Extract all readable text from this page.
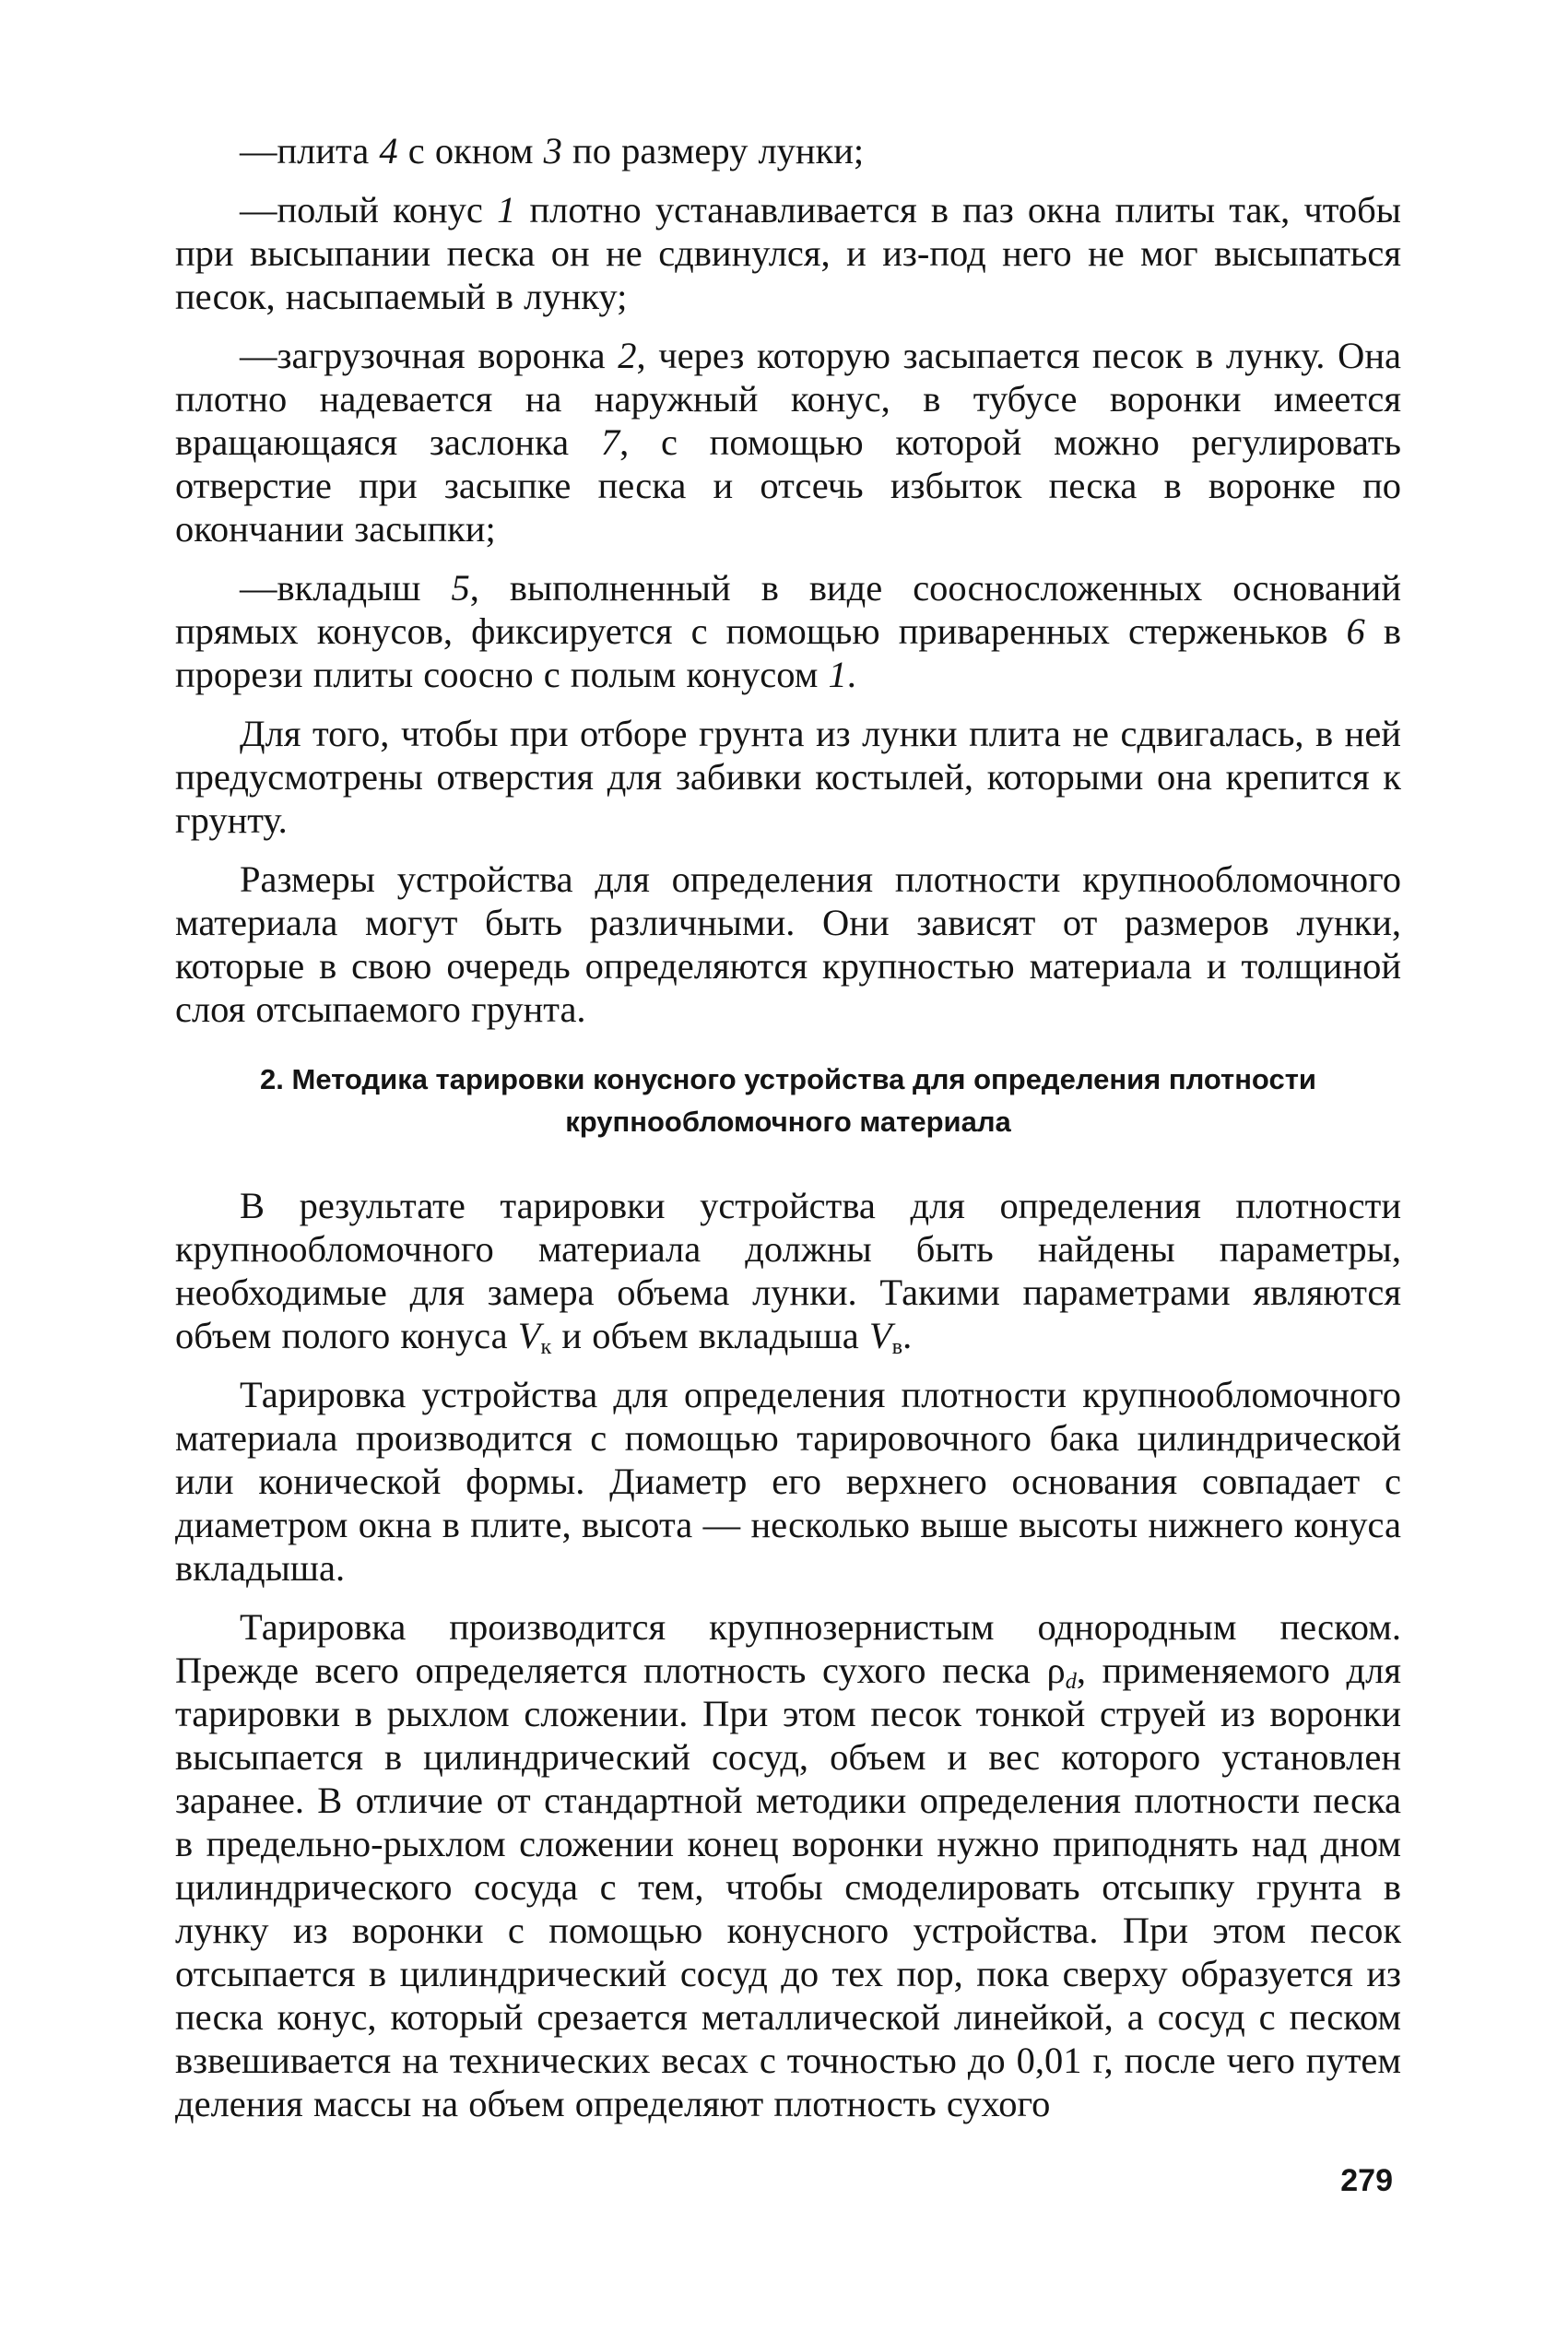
—плита 4 с окном 3 по размеру лунки;

—полый конус 1 плотно устанавливается в паз окна плиты так, чтобы при высыпании песка он не сдвинулся, и из-под него не мог высыпаться песок, насыпаемый в лунку;

—загрузочная воронка 2, через которую засыпается песок в лунку. Она плотно надевается на наружный конус, в тубусе воронки имеется вращающаяся заслонка 7, с помощью которой можно регулировать отверстие при засыпке песка и отсечь избыток песка в воронке по окончании засыпки;

—вкладыш 5, выполненный в виде соосносложенных оснований прямых конусов, фиксируется с помощью приваренных стерженьков 6 в прорези плиты соосно с полым конусом 1.

Для того, чтобы при отборе грунта из лунки плита не сдвигалась, в ней предусмотрены отверстия для забивки костылей, которыми она крепится к грунту.

Размеры устройства для определения плотности крупнообломочного материала могут быть различными. Они зависят от размеров лунки, которые в свою очередь определяются крупностью материала и толщиной слоя отсыпаемого грунта.

2. Методика тарировки конусного устройства для определения плотности
крупнообломочного материала

В результате тарировки устройства для определения плотности крупнообломочного материала должны быть найдены параметры, необходимые для замера объема лунки. Такими параметрами являются объем полого конуса $V_к$ и объем вкладыша $V_в$.

Тарировка устройства для определения плотности крупнообломочного материала производится с помощью тарировочного бака цилиндрической или конической формы. Диаметр его верхнего основания совпадает с диаметром окна в плите, высота — несколько выше высоты нижнего конуса вкладыша.

Тарировка производится крупнозернистым однородным песком. Прежде всего определяется плотность сухого песка $\rho_d$, применяемого для тарировки в рыхлом сложении. При этом песок тонкой струей из воронки высыпается в цилиндрический сосуд, объем и вес которого установлен заранее. В отличие от стандартной методики определения плотности песка в предельно-рыхлом сложении конец воронки нужно приподнять над дном цилиндрического сосуда с тем, чтобы смоделировать отсыпку грунта в лунку из воронки с помощью конусного устройства. При этом песок отсыпается в цилиндрический сосуд до тех пор, пока сверху образуется из песка конус, который срезается металлической линейкой, а сосуд с песком взвешивается на технических весах с точностью до 0,01 г, после чего путем деления массы на объем определяют плотность сухого

279
